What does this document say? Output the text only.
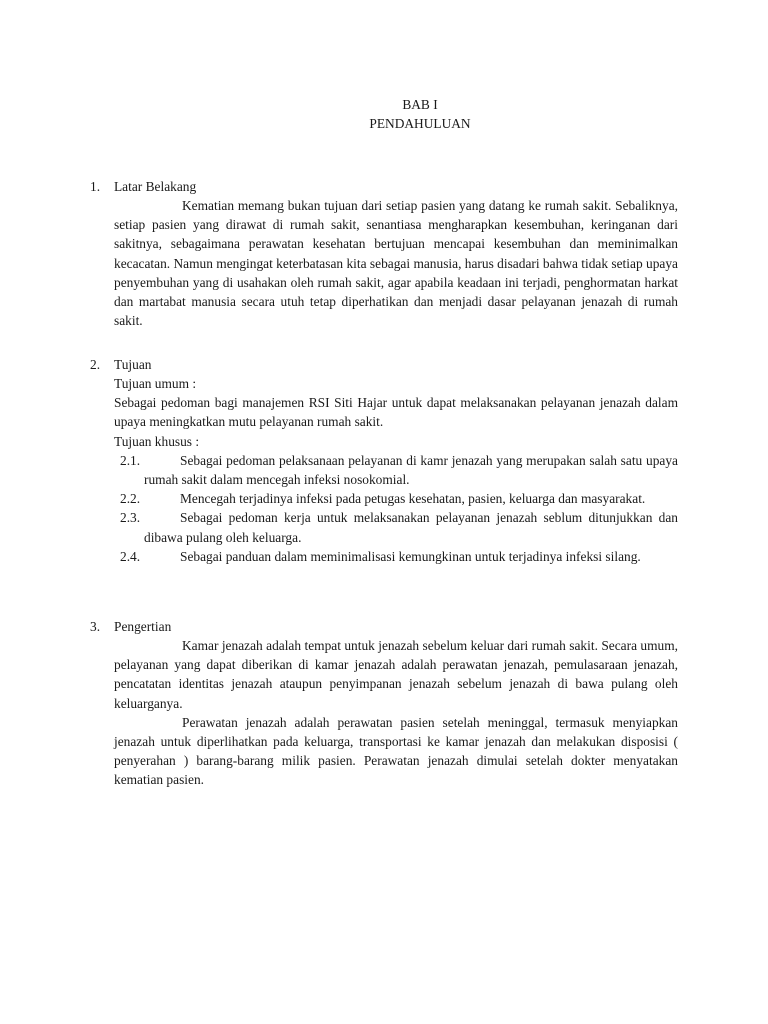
BAB I
PENDAHULUAN
1. Latar Belakang
Kematian memang bukan tujuan dari setiap pasien yang datang ke rumah sakit. Sebaliknya, setiap pasien yang dirawat di rumah sakit, senantiasa mengharapkan kesembuhan, keringanan dari sakitnya, sebagaimana perawatan kesehatan bertujuan mencapai kesembuhan dan meminimalkan kecacatan. Namun mengingat keterbatasan kita sebagai manusia, harus disadari bahwa tidak setiap upaya penyembuhan yang di usahakan oleh rumah sakit, agar apabila keadaan ini terjadi, penghormatan harkat dan martabat manusia secara utuh tetap diperhatikan dan menjadi dasar pelayanan jenazah di rumah sakit.
2. Tujuan
Tujuan umum :
Sebagai pedoman bagi manajemen RSI Siti Hajar untuk dapat melaksanakan pelayanan jenazah dalam upaya meningkatkan mutu pelayanan rumah sakit.
Tujuan khusus :
2.1.	Sebagai pedoman pelaksanaan pelayanan di kamr jenazah yang merupakan salah satu upaya rumah sakit dalam mencegah infeksi nosokomial.
2.2.	Mencegah terjadinya infeksi pada petugas kesehatan, pasien, keluarga dan masyarakat.
2.3.	Sebagai pedoman kerja untuk melaksanakan pelayanan jenazah seblum ditunjukkan dan dibawa pulang oleh keluarga.
2.4.	Sebagai panduan dalam meminimalisasi kemungkinan untuk terjadinya infeksi silang.
3. Pengertian
Kamar jenazah adalah tempat untuk jenazah sebelum keluar dari rumah sakit. Secara umum, pelayanan yang dapat diberikan di kamar jenazah adalah perawatan jenazah, pemulasaraan jenazah, pencatatan identitas jenazah ataupun penyimpanan jenazah sebelum jenazah di bawa pulang oleh keluarganya.
Perawatan jenazah adalah perawatan pasien setelah meninggal, termasuk menyiapkan jenazah untuk diperlihatkan pada keluarga, transportasi ke kamar jenazah dan melakukan disposisi ( penyerahan ) barang-barang milik pasien. Perawatan jenazah dimulai setelah dokter menyatakan kematian pasien.
